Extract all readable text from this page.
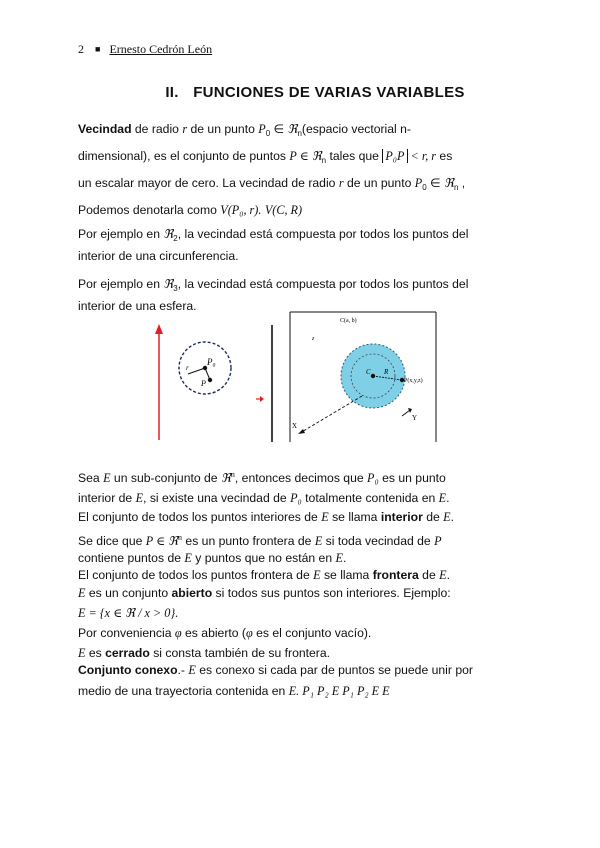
2 ■ Ernesto Cedrón León
II. FUNCIONES DE VARIAS VARIABLES
Vecindad de radio r de un punto $P_0$ ∈ ℜ$_n$(espacio vectorial n-
dimensional), es el conjunto de puntos P ∈ ℜ$_n$ tales que P₀P < r, r es
un escalar mayor de cero. La vecindad de radio r de un punto $P_0$ ∈ ℜ$_n$ ,
Podemos denotarla como V(P₀, r). V(C, R)
Por ejemplo en ℜ$_2$, la vecindad está compuesta por todos los puntos del
interior de una circunferencia.
Por ejemplo en ℜ$_3$, la vecindad está compuesta por todos los puntos del
interior de una esfera.
P₀
r
P
C(a, b)
z
C R
P(x,y,z)
Y
X
Sea E un sub-conjunto de ℜ$^n$, entonces decimos que P₀ es un punto
interior de E, si existe una vecindad de P₀ totalmente contenida en E.
El conjunto de todos los puntos interiores de E se llama interior de E.
Se dice que P ∈ ℜ$^n$ es un punto frontera de E si toda vecindad de P
contiene puntos de E y puntos que no están en E.
El conjunto de todos los puntos frontera de E se llama frontera de E.
E es un conjunto abierto si todos sus puntos son interiores. Ejemplo:
E = {x ∈ ℜ / x > 0}.
Por conveniencia φ es abierto (φ es el conjunto vacío).
E es cerrado si consta también de su frontera.
Conjunto conexo.- E es conexo si cada par de puntos se puede unir por
medio de una trayectoria contenida en E. P₁ P₂ E P₁ P₂ E E
